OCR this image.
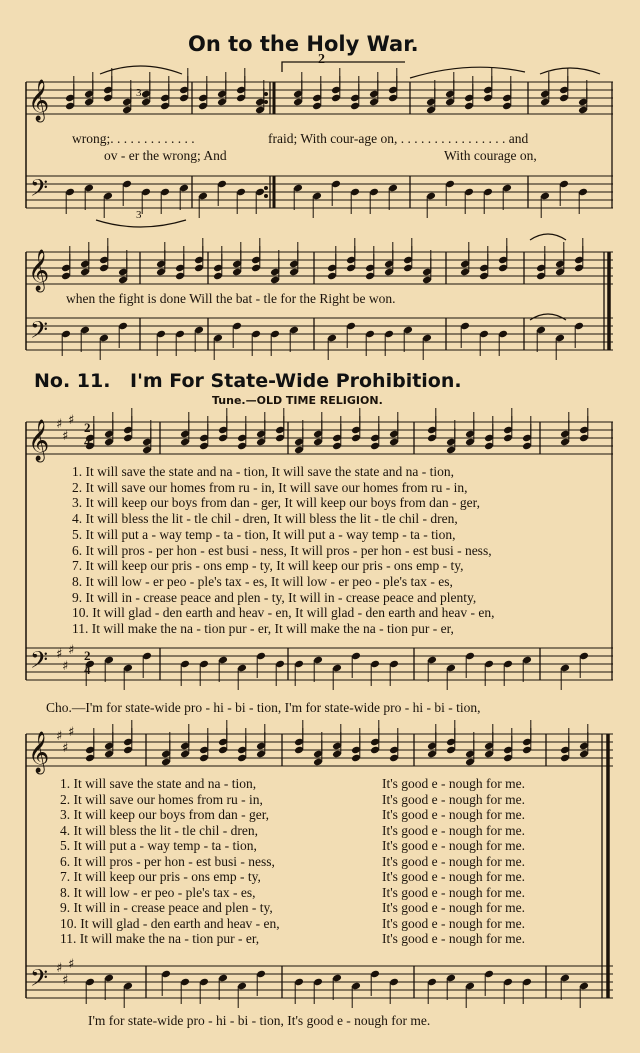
On to the Holy War.
𝄞
𝄢
𝄞
𝄢
𝄞
𝄢
𝄞
𝄢
♯
♯
♯
♯
♯
♯
♯
♯
♯
♯
♯
♯
2
3
3
wrong;. . . . . . . . . . . . .	fraid; With cour-age on, . . . . . . . . . . . . . . . . and
ov - er the wrong; And	With courage on,
when the fight is done Will the bat - tle for the Right be won.
No. 11. I'm For State-Wide Prohibition.
Tune.—OLD TIME RELIGION.
2
4
2
4
1. It will save the state and na - tion, It will save the state and na - tion,
2. It will save our homes from ru - in, It will save our homes from ru - in,
3. It will keep our boys from dan - ger, It will keep our boys from dan - ger,
4. It will bless the lit - tle chil - dren, It will bless the lit - tle chil - dren,
5. It will put a - way temp - ta - tion, It will put a - way temp - ta - tion,
6. It will pros - per hon - est busi - ness, It will pros - per hon - est busi - ness,
7. It will keep our pris - ons emp - ty, It will keep our pris - ons emp - ty,
8. It will low - er peo - ple's tax - es, It will low - er peo - ple's tax - es,
9. It will in - crease peace and plen - ty, It will in - crease peace and plenty,
10. It will glad - den earth and heav - en, It will glad - den earth and heav - en,
11. It will make the na - tion pur - er, It will make the na - tion pur - er,
Cho.—I'm for state-wide pro - hi - bi - tion, I'm for state-wide pro - hi - bi - tion,
1. It will save the state and na - tion,	It's good e - nough for me.
2. It will save our homes from ru - in,	It's good e - nough for me.
3. It will keep our boys from dan - ger,	It's good e - nough for me.
4. It will bless the lit - tle chil - dren,	It's good e - nough for me.
5. It will put a - way temp - ta - tion,	It's good e - nough for me.
6. It will pros - per hon - est busi - ness,	It's good e - nough for me.
7. It will keep our pris - ons emp - ty,	It's good e - nough for me.
8. It will low - er peo - ple's tax - es,	It's good e - nough for me.
9. It will in - crease peace and plen - ty,	It's good e - nough for me.
10. It will glad - den earth and heav - en,	It's good e - nough for me.
11. It will make the na - tion pur - er,	It's good e - nough for me.
I'm for state-wide pro - hi - bi - tion, It's good e - nough for me.
